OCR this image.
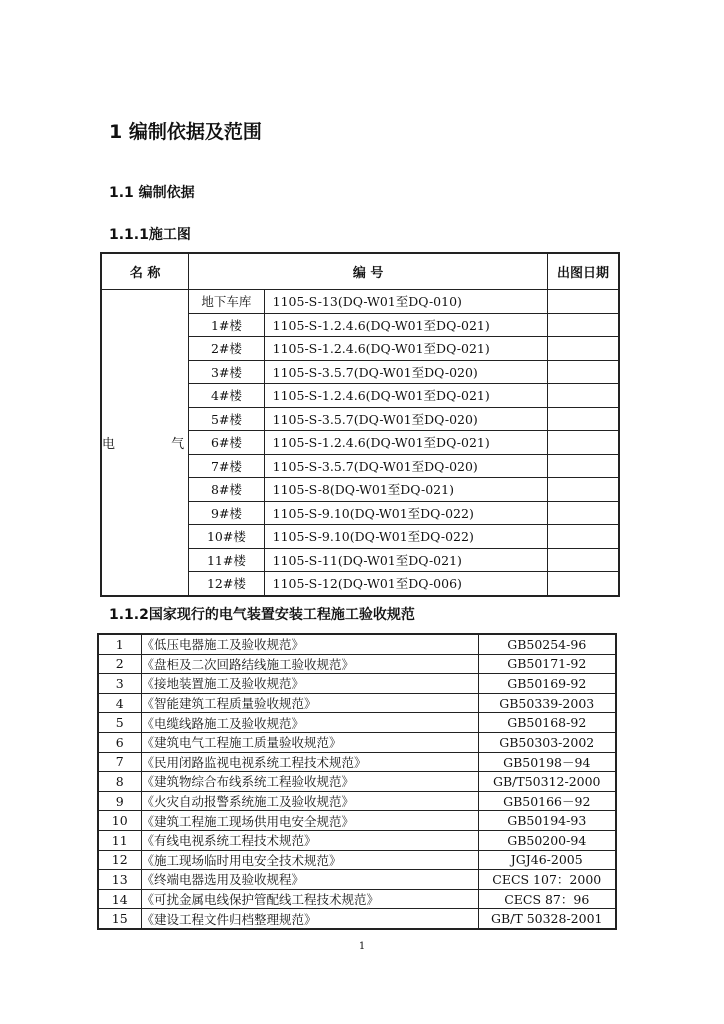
1 编制依据及范围
1.1 编制依据
1.1.1施工图
名 称	编 号		出图日期
电 气	地下车库	1105-S-13(DQ-W01至DQ-010)	
	1#楼	1105-S-1.2.4.6(DQ-W01至DQ-021)	
	2#楼	1105-S-1.2.4.6(DQ-W01至DQ-021)	
	3#楼	1105-S-3.5.7(DQ-W01至DQ-020)	
	4#楼	1105-S-1.2.4.6(DQ-W01至DQ-021)	
	5#楼	1105-S-3.5.7(DQ-W01至DQ-020)	
	6#楼	1105-S-1.2.4.6(DQ-W01至DQ-021)	
	7#楼	1105-S-3.5.7(DQ-W01至DQ-020)	
	8#楼	1105-S-8(DQ-W01至DQ-021)	
	9#楼	1105-S-9.10(DQ-W01至DQ-022)	
	10#楼	1105-S-9.10(DQ-W01至DQ-022)	
	11#楼	1105-S-11(DQ-W01至DQ-021)	
	12#楼	1105-S-12(DQ-W01至DQ-006)	
1.1.2国家现行的电气装置安装工程施工验收规范
1	《低压电器施工及验收规范》	GB50254-96
2	《盘柜及二次回路结线施工验收规范》	GB50171-92
3	《接地装置施工及验收规范》	GB50169-92
4	《智能建筑工程质量验收规范》	GB50339-2003
5	《电缆线路施工及验收规范》	GB50168-92
6	《建筑电气工程施工质量验收规范》	GB50303-2002
7	《民用闭路监视电视系统工程技术规范》	GB50198－94
8	《建筑物综合布线系统工程验收规范》	GB/T50312-2000
9	《火灾自动报警系统施工及验收规范》	GB50166－92
10	《建筑工程施工现场供用电安全规范》	GB50194-93
11	《有线电视系统工程技术规范》	GB50200-94
12	《施工现场临时用电安全技术规范》	JGJ46-2005
13	《终端电器选用及验收规程》	CECS 107：2000
14	《可扰金属电线保护管配线工程技术规范》	CECS 87：96
15	《建设工程文件归档整理规范》	GB/T 50328-2001
1
